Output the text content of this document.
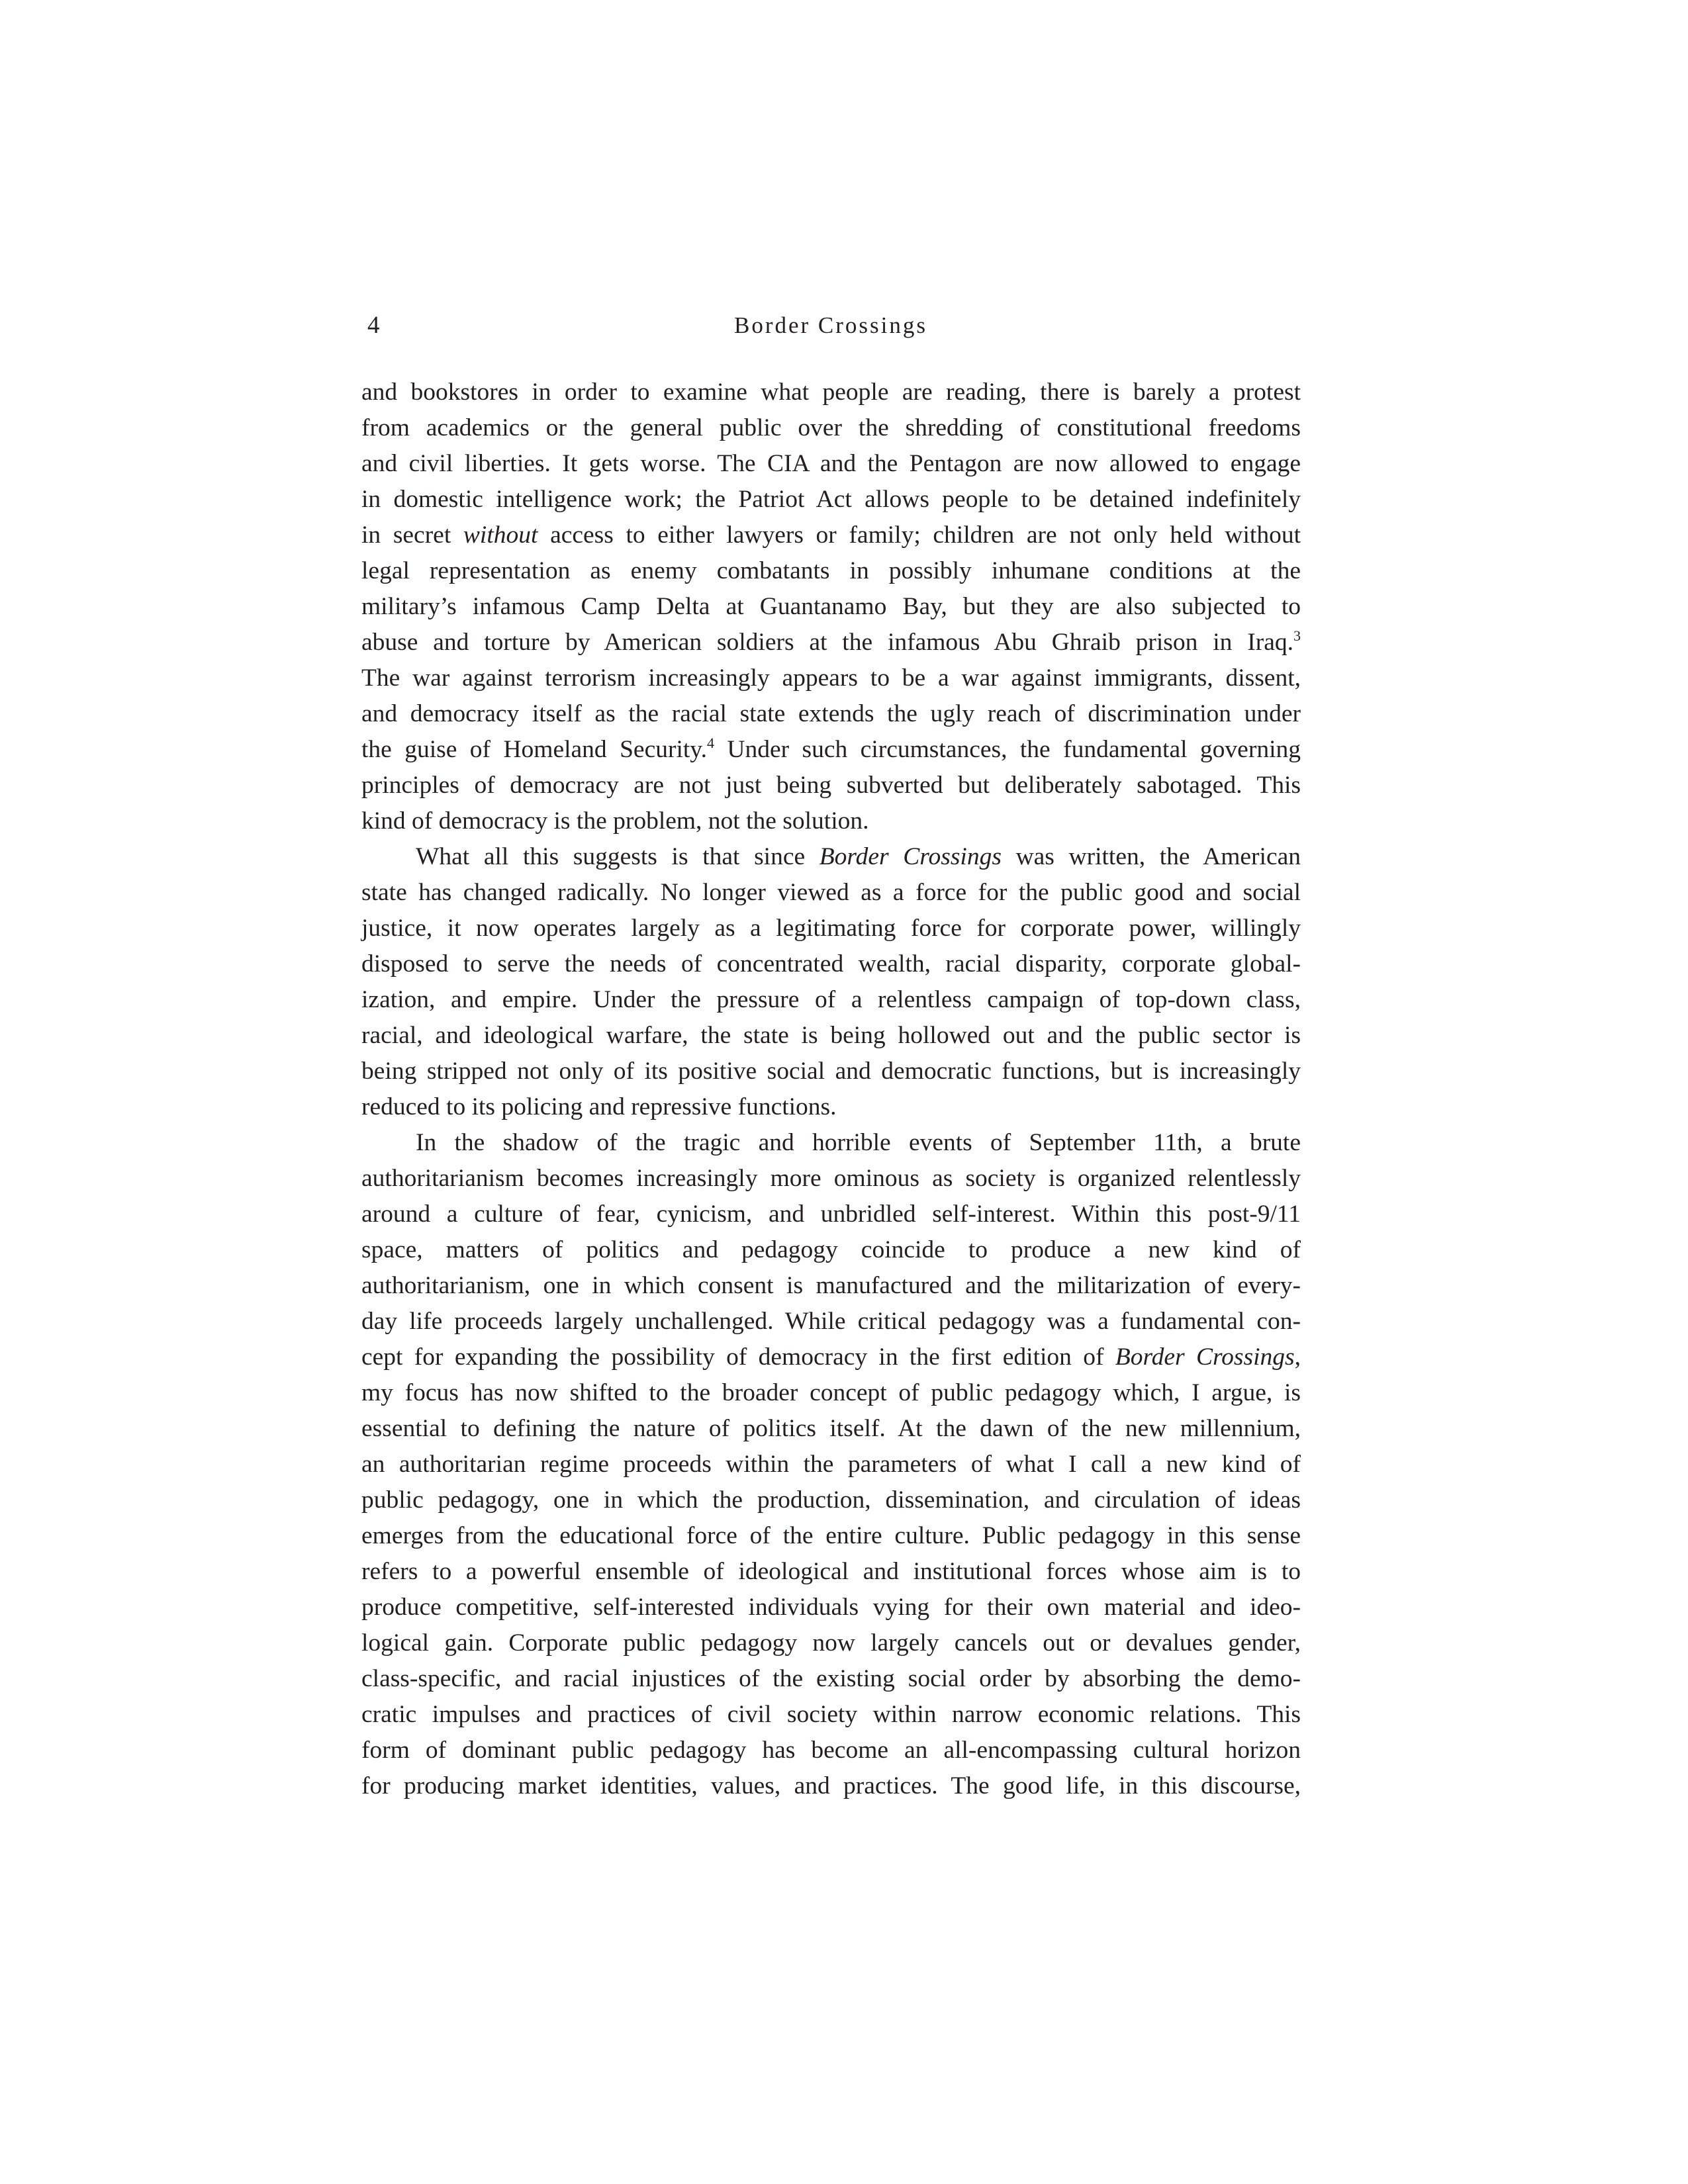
4	Border Crossings
and bookstores in order to examine what people are reading, there is barely a protest
from academics or the general public over the shredding of constitutional freedoms
and civil liberties. It gets worse. The CIA and the Pentagon are now allowed to engage
in domestic intelligence work; the Patriot Act allows people to be detained indefinitely
in secret without access to either lawyers or family; children are not only held without
legal representation as enemy combatants in possibly inhumane conditions at the
military’s infamous Camp Delta at Guantanamo Bay, but they are also subjected to
abuse and torture by American soldiers at the infamous Abu Ghraib prison in Iraq.$^3$
The war against terrorism increasingly appears to be a war against immigrants, dissent,
and democracy itself as the racial state extends the ugly reach of discrimination under
the guise of Homeland Security.$^4$ Under such circumstances, the fundamental governing
principles of democracy are not just being subverted but deliberately sabotaged. This
kind of democracy is the problem, not the solution.
What all this suggests is that since Border Crossings was written, the American
state has changed radically. No longer viewed as a force for the public good and social
justice, it now operates largely as a legitimating force for corporate power, willingly
disposed to serve the needs of concentrated wealth, racial disparity, corporate global-
ization, and empire. Under the pressure of a relentless campaign of top-down class,
racial, and ideological warfare, the state is being hollowed out and the public sector is
being stripped not only of its positive social and democratic functions, but is increasingly
reduced to its policing and repressive functions.
In the shadow of the tragic and horrible events of September 11th, a brute
authoritarianism becomes increasingly more ominous as society is organized relentlessly
around a culture of fear, cynicism, and unbridled self-interest. Within this post-9/11
space, matters of politics and pedagogy coincide to produce a new kind of
authoritarianism, one in which consent is manufactured and the militarization of every-
day life proceeds largely unchallenged. While critical pedagogy was a fundamental con-
cept for expanding the possibility of democracy in the first edition of Border Crossings,
my focus has now shifted to the broader concept of public pedagogy which, I argue, is
essential to defining the nature of politics itself. At the dawn of the new millennium,
an authoritarian regime proceeds within the parameters of what I call a new kind of
public pedagogy, one in which the production, dissemination, and circulation of ideas
emerges from the educational force of the entire culture. Public pedagogy in this sense
refers to a powerful ensemble of ideological and institutional forces whose aim is to
produce competitive, self-interested individuals vying for their own material and ideo-
logical gain. Corporate public pedagogy now largely cancels out or devalues gender,
class-specific, and racial injustices of the existing social order by absorbing the demo-
cratic impulses and practices of civil society within narrow economic relations. This
form of dominant public pedagogy has become an all-encompassing cultural horizon
for producing market identities, values, and practices. The good life, in this discourse,
